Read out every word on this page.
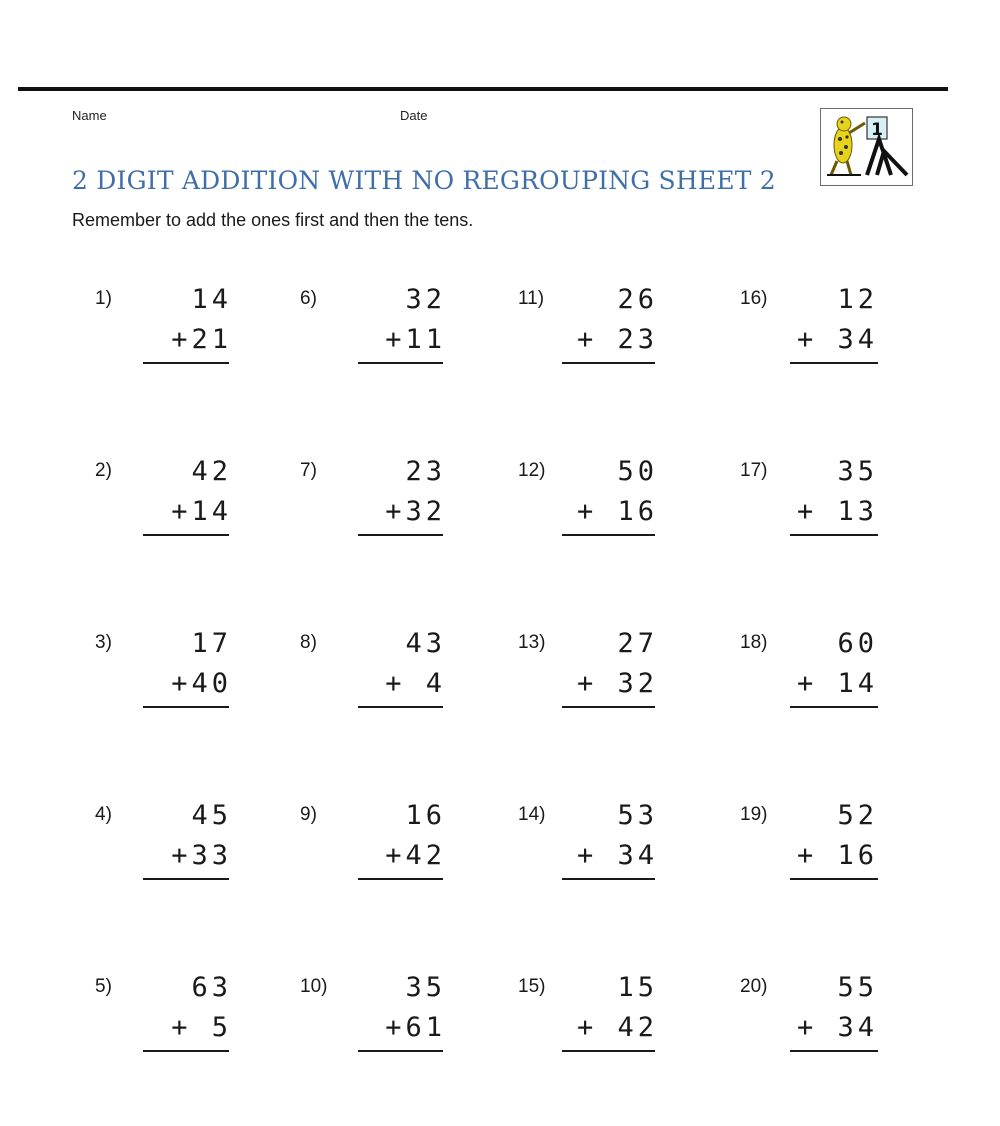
Name	Date
1
2 DIGIT ADDITION WITH NO REGROUPING SHEET 2
Remember to add the ones first and then the tens.
1)	14
+21
2)	42
+14
3)	17
+40
4)	45
+33
5)	63
+ 5
6)	32
+11
7)	23
+32
8)	43
+ 4
9)	16
+42
10)	35
+61
11)	26
+ 23
12)	50
+ 16
13)	27
+ 32
14)	53
+ 34
15)	15
+ 42
16)	12
+ 34
17)	35
+ 13
18)	60
+ 14
19)	52
+ 16
20)	55
+ 34
